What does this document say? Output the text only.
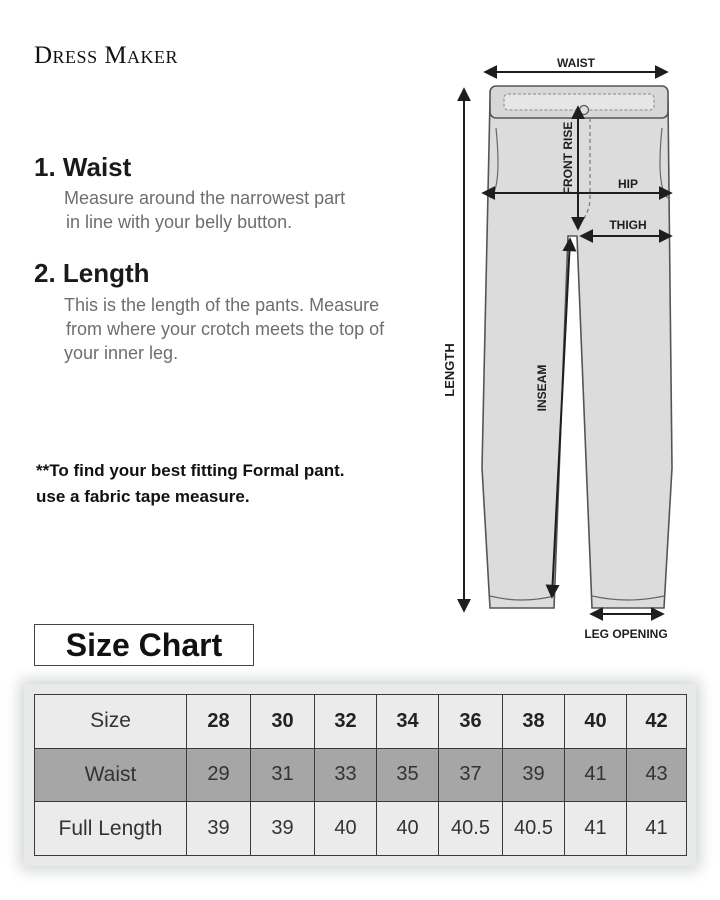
Dress Maker
1. Waist

Measure around the narrowest part

in line with your belly button.

2. Length

This is the length of the pants. Measure

from where your crotch meets the top of

your inner leg.

**To find your best fitting Formal pant.
use a fabric tape measure.
WAIST
FRONT RISE	HIP
THIGH
LENGTH	INSEAM
LEG OPENING
Size Chart
Size	28	30	32	34	36	38	40	42
Waist	29	31	33	35	37	39	41	43
Full Length	39	39	40	40	40.5	40.5	41	41
